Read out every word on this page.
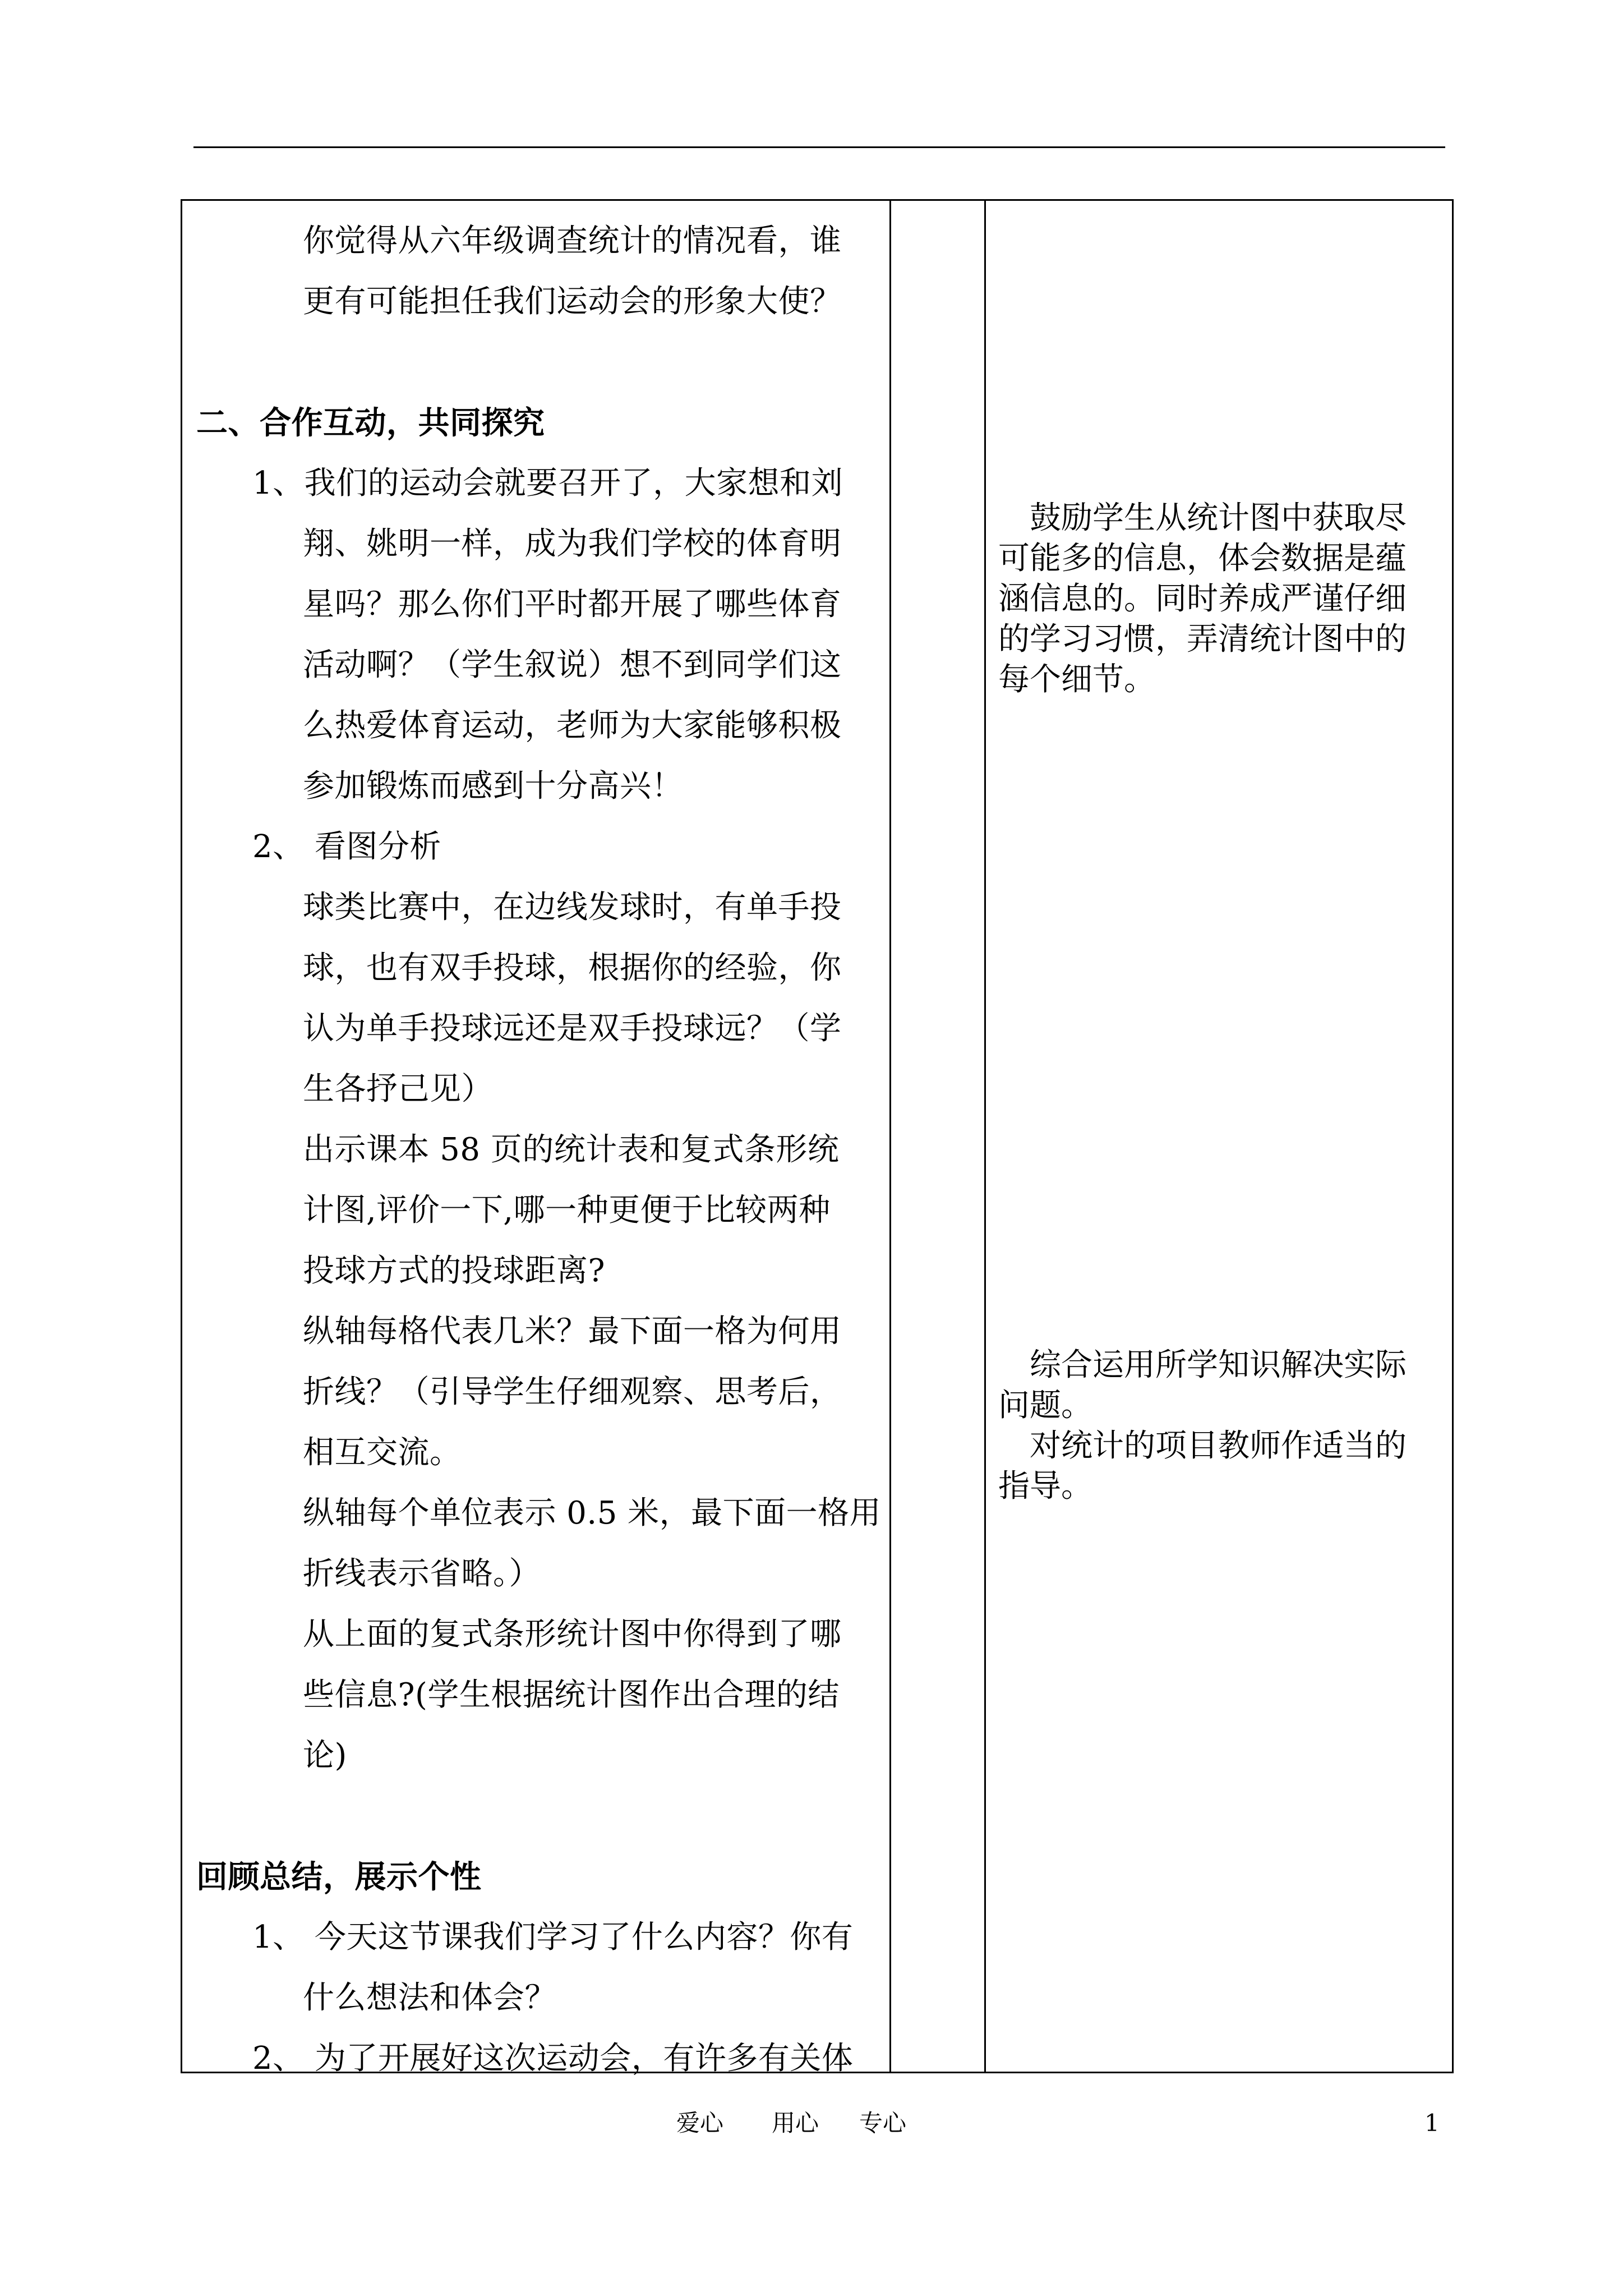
你觉得从六年级调查统计的情况看，谁
更有可能担任我们运动会的形象大使？
二、合作互动，共同探究
1、我们的运动会就要召开了，大家想和刘
翔、姚明一样，成为我们学校的体育明
星吗？那么你们平时都开展了哪些体育
活动啊？（学生叙说）想不到同学们这
么热爱体育运动，老师为大家能够积极
参加锻炼而感到十分高兴！
2、 看图分析
球类比赛中，在边线发球时，有单手投
球，也有双手投球，根据你的经验，你
认为单手投球远还是双手投球远？（学
生各抒己见）
出示课本 58 页的统计表和复式条形统
计图,评价一下,哪一种更便于比较两种
投球方式的投球距离?
纵轴每格代表几米？最下面一格为何用
折线？（引导学生仔细观察、思考后，
相互交流。
纵轴每个单位表示 0.5 米，最下面一格用
折线表示省略。）
从上面的复式条形统计图中你得到了哪
些信息?(学生根据统计图作出合理的结
论)
回顾总结，展示个性
1、 今天这节课我们学习了什么内容？你有
什么想法和体会？
2、 为了开展好这次运动会，有许多有关体
鼓励学生从统计图中获取尽
可能多的信息，体会数据是蕴
涵信息的。同时养成严谨仔细
的学习习惯，弄清统计图中的
每个细节。
综合运用所学知识解决实际
问题。
对统计的项目教师作适当的
指导。
爱心 用心 专心	1
